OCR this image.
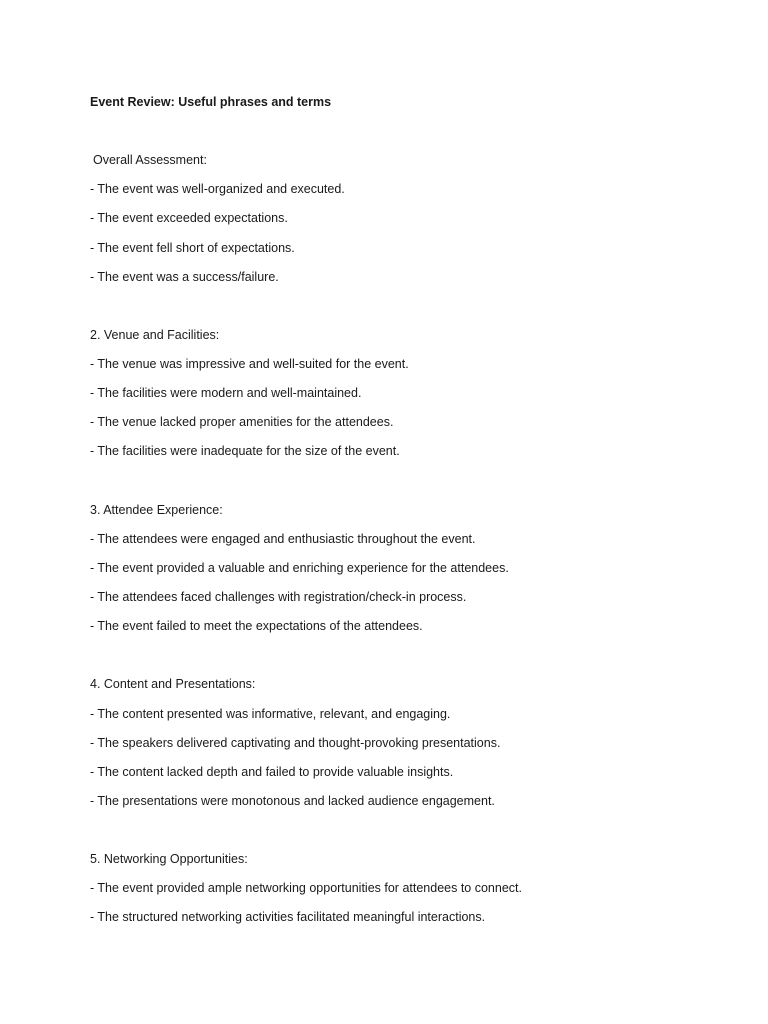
Event Review: Useful phrases and terms
Overall Assessment:
- The event was well-organized and executed.
- The event exceeded expectations.
- The event fell short of expectations.
- The event was a success/failure.
2. Venue and Facilities:
- The venue was impressive and well-suited for the event.
- The facilities were modern and well-maintained.
- The venue lacked proper amenities for the attendees.
- The facilities were inadequate for the size of the event.
3. Attendee Experience:
- The attendees were engaged and enthusiastic throughout the event.
- The event provided a valuable and enriching experience for the attendees.
- The attendees faced challenges with registration/check-in process.
- The event failed to meet the expectations of the attendees.
4. Content and Presentations:
- The content presented was informative, relevant, and engaging.
- The speakers delivered captivating and thought-provoking presentations.
- The content lacked depth and failed to provide valuable insights.
- The presentations were monotonous and lacked audience engagement.
5. Networking Opportunities:
- The event provided ample networking opportunities for attendees to connect.
- The structured networking activities facilitated meaningful interactions.
